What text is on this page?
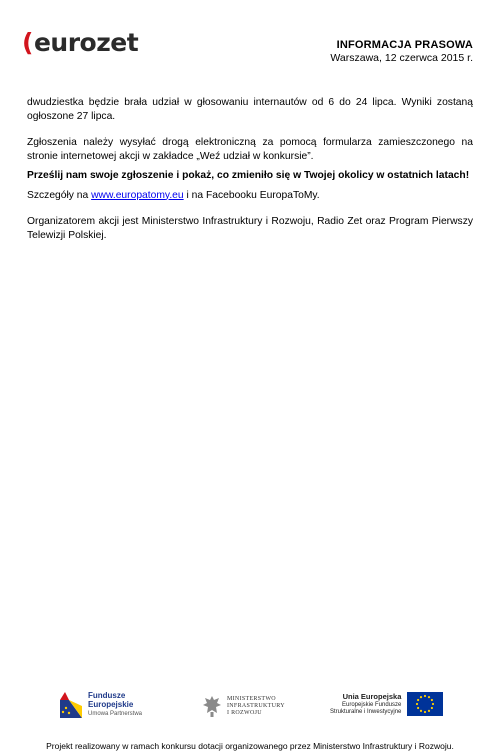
(eurozet	INFORMACJA PRASOWA
Warszawa, 12 czerwca 2015 r.

dwudziestka będzie brała udział w głosowaniu internautów od 6 do 24 lipca. Wyniki zostaną ogłoszone 27 lipca.

Zgłoszenia należy wysyłać drogą elektroniczną za pomocą formularza zamieszczonego na stronie internetowej akcji w zakładce „Weź udział w konkursie”.

Prześlij nam swoje zgłoszenie i pokaż, co zmieniło się w Twojej okolicy w ostatnich latach!

Szczegóły na www.europatomy.eu i na Facebooku EuropaToMy.

Organizatorem akcji jest Ministerstwo Infrastruktury i Rozwoju, Radio Zet oraz Program Pierwszy Telewizji Polskiej.

Fundusze
Europejskie
Umowa Partnerstwa
MINISTERSTWO
INFRASTRUKTURY
I ROZWOJU
Unia Europejska
Europejskie Fundusze
Strukturalne i Inwestycyjne
Projekt realizowany w ramach konkursu dotacji organizowanego przez Ministerstwo Infrastruktury i Rozwoju.
